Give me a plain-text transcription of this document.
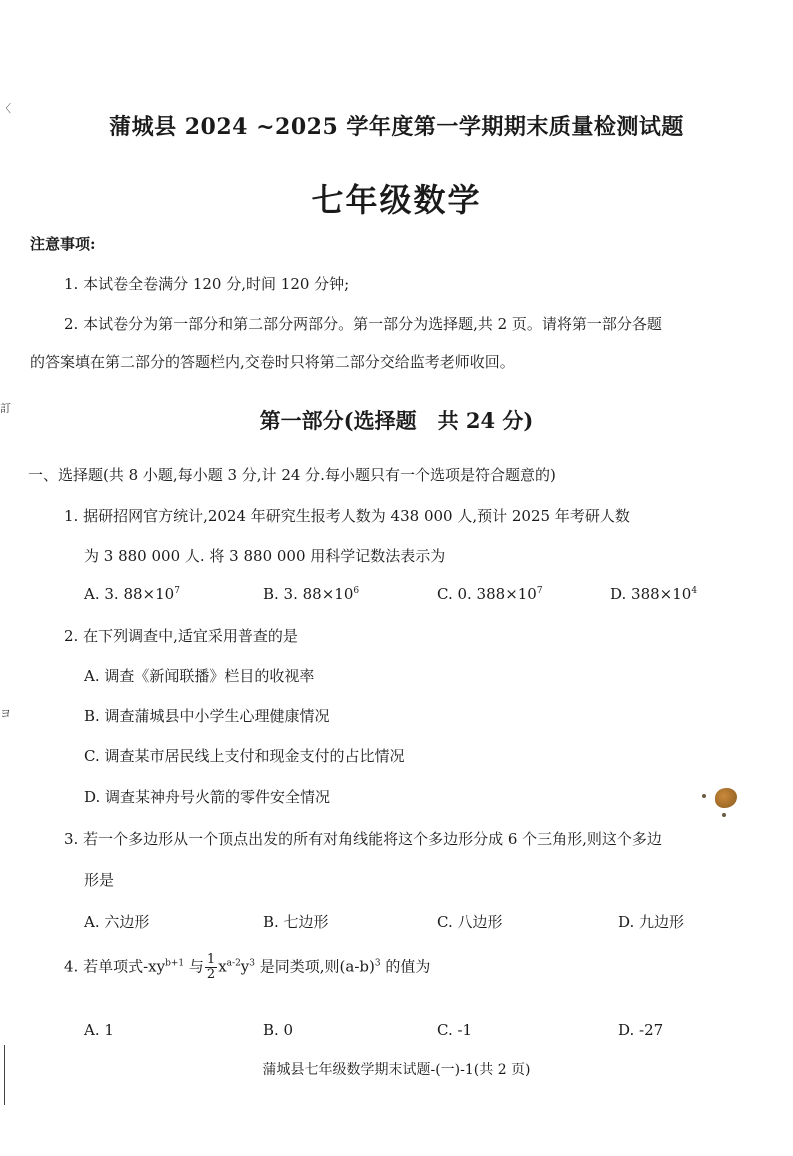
〈
訂
ヨ
蒲城县 2024 ~2025 学年度第一学期期末质量检测试题
七年级数学
注意事项:
1. 本试卷全卷满分 120 分,时间 120 分钟;
2. 本试卷分为第一部分和第二部分两部分。第一部分为选择题,共 2 页。请将第一部分各题
的答案填在第二部分的答题栏内,交卷时只将第二部分交给监考老师收回。
第一部分(选择题　共 24 分)
一、选择题(共 8 小题,每小题 3 分,计 24 分.每小题只有一个选项是符合题意的)
1. 据研招网官方统计,2024 年研究生报考人数为 438 000 人,预计 2025 年考研人数
为 3 880 000 人. 将 3 880 000 用科学记数法表示为
A. 3. $88\times 10^7$	B. 3. $88\times 10^6$	C. 0. $388\times 10^7$	D. $388\times 10^4$
2. 在下列调查中,适宜采用普查的是
A. 调查《新闻联播》栏目的收视率
B. 调查蒲城县中小学生心理健康情况
C. 调查某市居民线上支付和现金支付的占比情况
D. 调查某神舟号火箭的零件安全情况
3. 若一个多边形从一个顶点出发的所有对角线能将这个多边形分成 6 个三角形,则这个多边
形是
A. 六边形	B. 七边形	C. 八边形	D. 九边形
4. 若单项式$-xy^{b+1}$ 与 $\frac{1}{2} x^{a-2}y^3$ 是同类项,则$(a-b)^3$ 的值为
A. 1	B. 0	C. -1	D. -27
蒲城县七年级数学期末试题-(一)-1(共 2 页)
